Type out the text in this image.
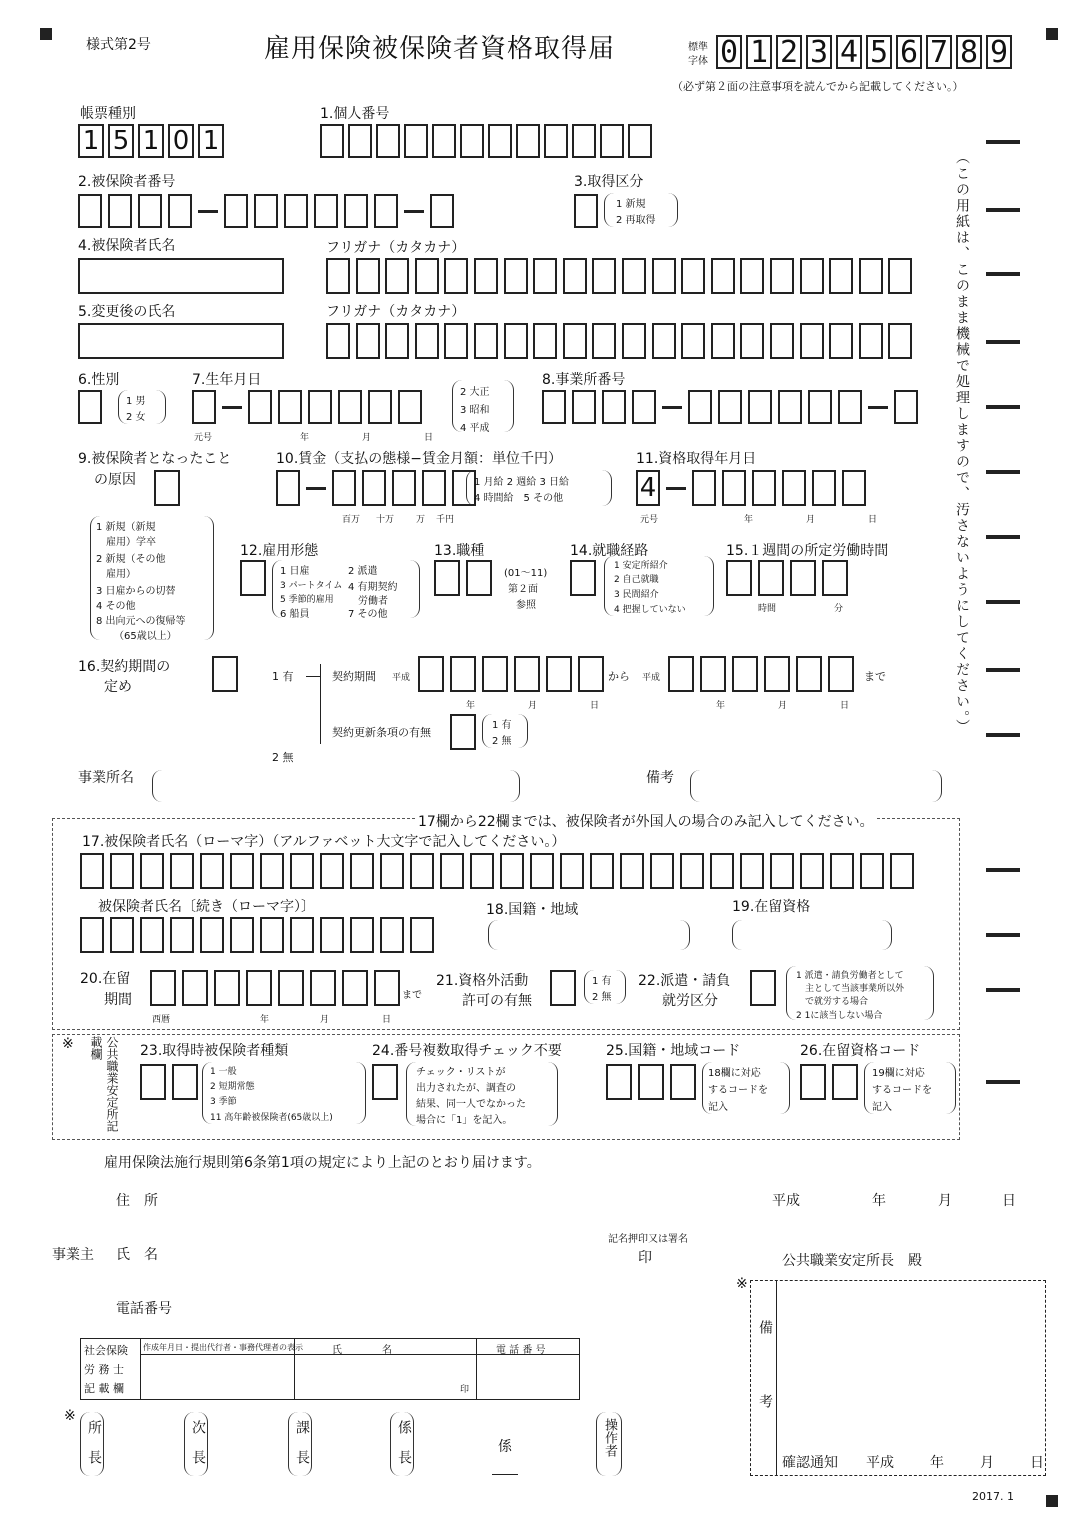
（この用紙は、このまま機械で処理しますので、汚さないようにしてください。）
様式第2号	雇用保険被保険者資格取得届	標準
字体 0 1 2 3 4 5 6 7 8 9
（必ず第２面の注意事項を読んでから記載してください。）
帳票種別
1 5 1 0 1
1.個人番号
2.被保険者番号	3.取得区分
1 新規
2 再取得
4.被保険者氏名	フリガナ（カタカナ）
5.変更後の氏名	フリガナ（カタカナ）
6.性別
1 男
2 女
7.生年月日
元号	年	月	日
2 大正
3 昭和
4 平成
8.事業所番号
9.被保険者となったこと
の原因
1 新規（新規
　雇用）学卒
2 新規（その他
　雇用）
3 日雇からの切替
4 その他
8 出向元への復帰等
（65歳以上）
10.賃金（支払の態様−賃金月額：単位千円）
百万 十万 万 千円
1 月給 2 週給 3 日給
4 時間給　5 その他
11.資格取得年月日
4
元号	年	月	日
12.雇用形態
1 日雇
3 パートタイム
5 季節的雇用
6 船員
2 派遣
4 有期契約
　労働者
7 その他
13.職種
(01〜11)
第２面
参照
14.就職経路
1 安定所紹介
2 自己就職
3 民間紹介
4 把握していない
15.１週間の所定労働時間
時間	分
16.契約期間の
定め
1 有	契約期間 平成
年	月	日
から 平成
年	月	日
まで
契約更新条項の有無
1 有
2 無
2 無
事業所名	備考
17欄から22欄までは、被保険者が外国人の場合のみ記入してください。
17.被保険者氏名（ローマ字）（アルファベット大文字で記入してください。）
被保険者氏名〔続き（ローマ字）〕	18.国籍・地域	19.在留資格
20.在留
期間
西暦	年	月	日
まで
21.資格外活動
許可の有無
1 有
2 無
22.派遣・請負
就労区分
1 派遣・請負労働者として
　主として当該事業所以外
　で就労する場合
2 1に該当しない場合
※	公共職業安定所記載欄	23.取得時被保険者種類
1 一般
2 短期常態
3 季節
11 高年齢被保険者(65歳以上)
24.番号複数取得チェック不要
チェック・リストが
出力されたが、調査の
結果、同一人でなかった
場合に「1」を記入。
25.国籍・地域コード
18欄に対応
するコードを
記入
26.在留資格コード
19欄に対応
するコードを
記入
雇用保険法施行規則第6条第1項の規定により上記のとおり届けます。
住　所	平成	年	月	日
事業主 氏　名
記名押印又は署名
印	公共職業安定所長　殿
電話番号
社会保険
労 務 士
記 載 欄
作成年月日・提出代行者・事務代理者の表示	氏　　　　名	電 話 番 号
印
※
所長	次長	課長	係長	係	操作者
※
備考 確認通知 平成	年	月	日
2017. 1
